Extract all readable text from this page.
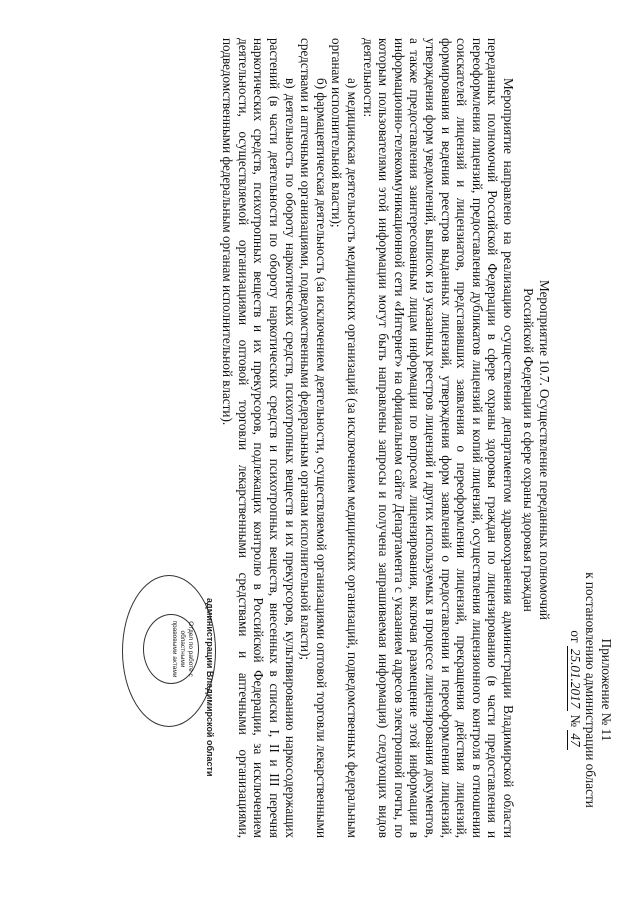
Приложение № 11
к постановлению администрации области
от 25.01.2017 № 47
Мероприятие 10.7. Осуществление переданных полномочий
Российской Федерации в сфере охраны здоровья граждан

Мероприятие направлено на реализацию осуществления департаментом здравоохранения администрации Владимирской области переданных полномочий Российской Федерации в сфере охраны здоровья граждан по лицензированию (в части предоставления и переоформления лицензий, предоставления дубликатов лицензий и копий лицензий, осуществления лицензионного контроля в отношении соискателей лицензий и лицензиатов, представивших заявления о переоформлении лицензий, прекращения действия лицензий, формирования и ведения реестров выданных лицензий, утверждения форм заявлений о предоставлении и переоформлении лицензий, утверждения форм уведомлений, выписок из указанных реестров лицензий и других используемых в процессе лицензирования документов, а также предоставления заинтересованным лицам информации по вопросам лицензирования, включая размещение этой информации в информационно-телекоммуникационной сети «Интернет» на официальном сайте Департамента с указанием адресов электронной почты, по которым пользователями этой информации могут быть направлены запросы и получена запрашиваемая информация) следующих видов деятельности:

а) медицинская деятельность медицинских организаций (за исключением медицинских организаций, подведомственных федеральным органам исполнительной власти);

б) фармацевтическая деятельность (за исключением деятельности, осуществляемой организациями оптовой торговли лекарственными средствами и аптечными организациями, подведомственными федеральным органам исполнительной власти);

в) деятельность по обороту наркотических средств, психотропных веществ и их прекурсоров, культивированию наркосодержащих растений (в части деятельности по обороту наркотических средств и психотропных веществ, внесенных в списки I, II и III перечня наркотических средств, психотропных веществ и их прекурсоров, подлежащих контролю в Российской Федерации, за исключением деятельности, осуществляемой организациями оптовой торговли лекарственными средствами и аптечными организациями, подведомственными федеральным органам исполнительной власти).

администрации Владимирской области
Отдел по работе с областными правовыми актами
